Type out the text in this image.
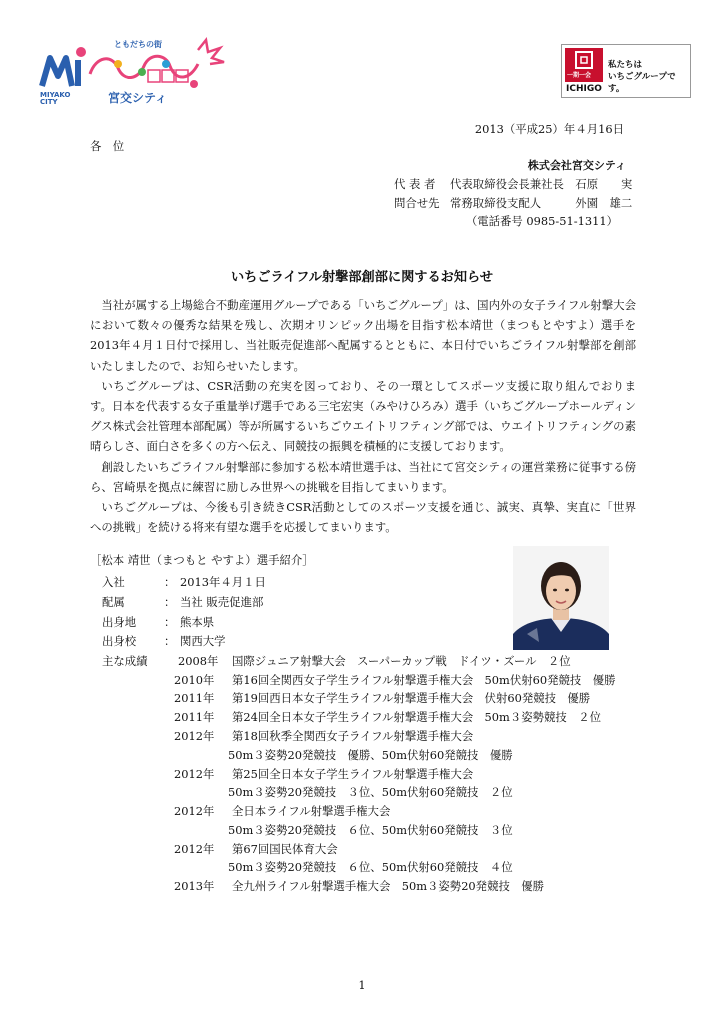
ともだちの街
MIYAKO
CITY	宮交シティ
一期一会
ICHIGO
私たちは
いちごグループです。
2013（平成25）年４月16日
各　位
株式会社宮交シティ
代 表 者 代表取締役会長兼社長　石原　　実
問合せ先 常務取締役支配人　　　外園　雄二
（電話番号 0985-51-1311）
いちごライフル射撃部創部に関するお知らせ

当社が属する上場総合不動産運用グループである「いちごグループ」は、国内外の女子ライフル射撃大会において数々の優秀な結果を残し、次期オリンピック出場を目指す松本靖世（まつもとやすよ）選手を2013年４月１日付で採用し、当社販売促進部へ配属するとともに、本日付でいちごライフル射撃部を創部いたしましたので、お知らせいたします。

いちごグループは、CSR活動の充実を図っており、その一環としてスポーツ支援に取り組んでおります。日本を代表する女子重量挙げ選手である三宅宏実（みやけひろみ）選手（いちごグループホールディングス株式会社管理本部配属）等が所属するいちごウエイトリフティング部では、ウエイトリフティングの素晴らしさ、面白さを多くの方へ伝え、同競技の振興を積極的に支援しております。

創設したいちごライフル射撃部に参加する松本靖世選手は、当社にて宮交シティの運営業務に従事する傍ら、宮崎県を拠点に練習に励しみ世界への挑戦を目指してまいります。

いちごグループは、今後も引き続きCSR活動としてのスポーツ支援を通じ、誠実、真摯、実直に「世界への挑戦」を続ける将来有望な選手を応援してまいります。

［松本 靖世（まつもと やすよ）選手紹介］
入社	： 2013年４月１日
配属	： 当社 販売促進部
出身地	： 熊本県
出身校	： 関西大学
主な成績	2008年 国際ジュニア射撃大会　スーパーカップ戦　ドイツ・ズール　２位
2010年 第16回全関西女子学生ライフル射撃選手権大会　50m伏射60発競技　優勝
2011年 第19回西日本女子学生ライフル射撃選手権大会　伏射60発競技　優勝
2011年 第24回全日本女子学生ライフル射撃選手権大会　50m３姿勢競技　２位
2012年 第18回秋季全関西女子ライフル射撃選手権大会
50m３姿勢20発競技　優勝、50m伏射60発競技　優勝
2012年 第25回全日本女子学生ライフル射撃選手権大会
50m３姿勢20発競技　３位、50m伏射60発競技　２位
2012年 全日本ライフル射撃選手権大会
50m３姿勢20発競技　６位、50m伏射60発競技　３位
2012年 第67回国民体育大会
50m３姿勢20発競技　６位、50m伏射60発競技　４位
2013年 全九州ライフル射撃選手権大会　50m３姿勢20発競技　優勝
1
